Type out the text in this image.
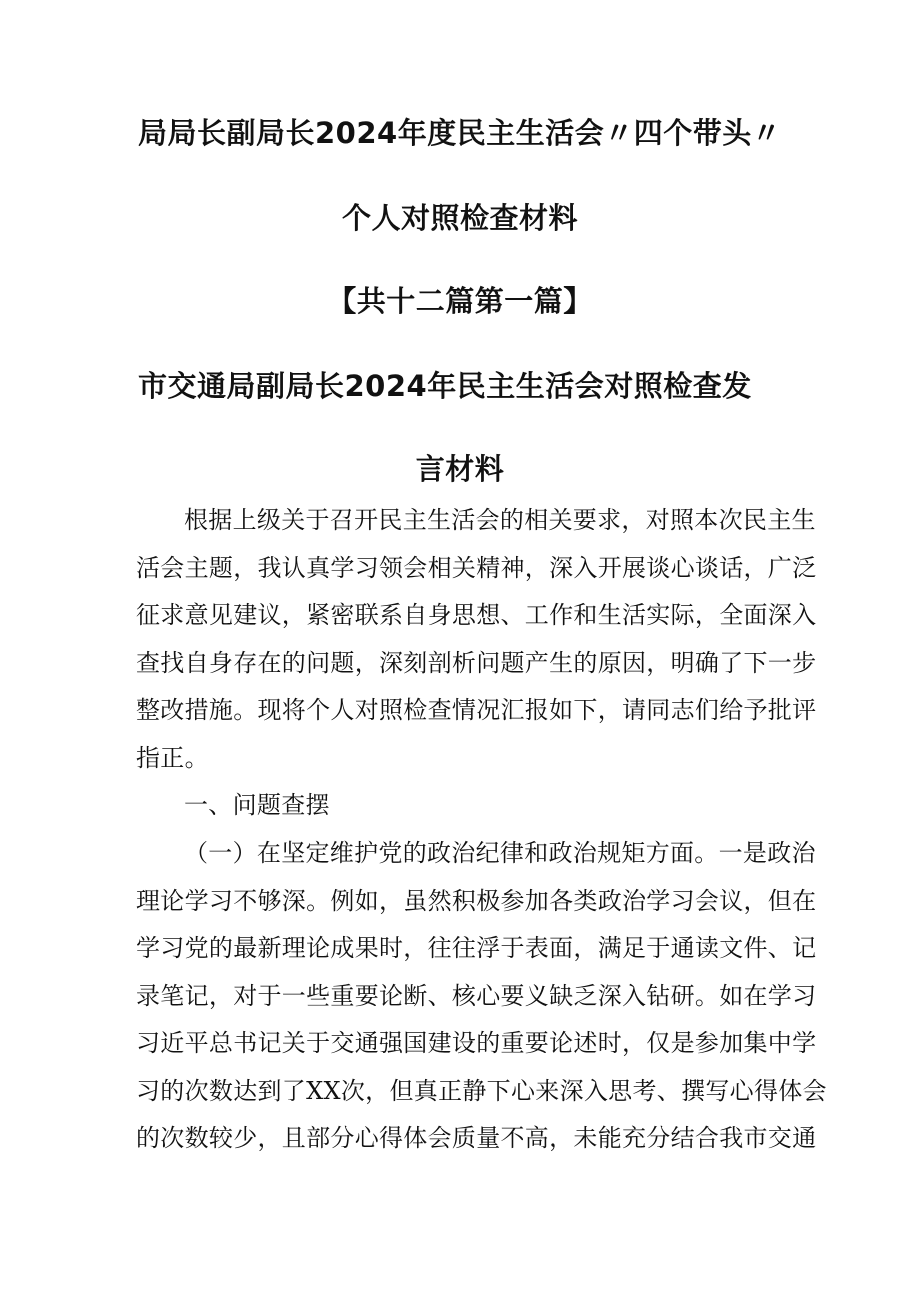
局局长副局长2024年度民主生活会〃四个带头〃
个人对照检查材料
【共十二篇第一篇】
市交通局副局长2024年民主生活会对照检查发
言材料
根据上级关于召开民主生活会的相关要求，对照本次民主生
活会主题，我认真学习领会相关精神，深入开展谈心谈话，广泛
征求意见建议，紧密联系自身思想、工作和生活实际，全面深入
查找自身存在的问题，深刻剖析问题产生的原因，明确了下一步
整改措施。现将个人对照检查情况汇报如下，请同志们给予批评
指正。
一、问题查摆
（一）在坚定维护党的政治纪律和政治规矩方面。一是政治
理论学习不够深。例如，虽然积极参加各类政治学习会议，但在
学习党的最新理论成果时，往往浮于表面，满足于通读文件、记
录笔记，对于一些重要论断、核心要义缺乏深入钻研。如在学习
习近平总书记关于交通强国建设的重要论述时，仅是参加集中学
习的次数达到了XX次，但真正静下心来深入思考、撰写心得体会
的次数较少，且部分心得体会质量不高，未能充分结合我市交通
